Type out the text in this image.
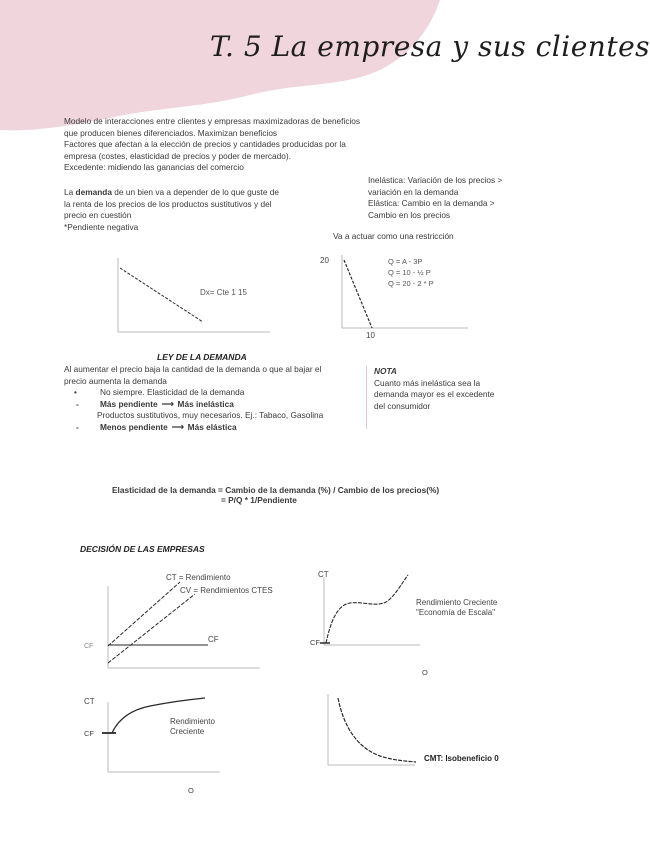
T. 5 La empresa y sus clientes
Modelo de interacciones entre clientes y empresas maximizadoras de beneficios
que producen bienes diferenciados. Maximizan beneficios
Factores que afectan a la elección de precios y cantidades producidas por la
empresa (costes, elasticidad de precios y poder de mercado).
Excedente: midiendo las ganancias del comercio
La demanda de un bien va a depender de lo que guste de
la renta de los precios de los productos sustitutivos y del
precio en cuestión
*Pendiente negativa
Inelástica: Variación de los precios >
variación en la demanda
Elástica: Cambio en la demanda >
Cambio en los precios
Va a actuar como una restricción
Dx= Cte 1 15
20
10
Q = A - 3P
Q = 10 - ½ P
Q = 20 - 2 * P
LEY DE LA DEMANDA
Al aumentar el precio baja la cantidad de la demanda o que al bajar el
precio aumenta la demanda
•	No siempre. Elasticidad de la demanda
-	Más pendiente ⟶ Más inelástica
Productos sustitutivos, muy necesarios. Ej.: Tabaco, Gasolina
-	Menos pendiente ⟶ Más elástica
NOTA
Cuanto más inelástica sea la
demanda mayor es el excedente
del consumidor
Elasticidad de la demanda = Cambio de la demanda (%) / Cambio de los precios(%)
= P/Q * 1/Pendiente
DECISIÓN DE LAS EMPRESAS
CT = Rendimiento
CV = Rendimientos CTES
CF
CF
CT
CF
O
Rendimiento Creciente
"Economía de Escala"
CT
CF
O
Rendimiento
Creciente
CMT: Isobeneficio 0
